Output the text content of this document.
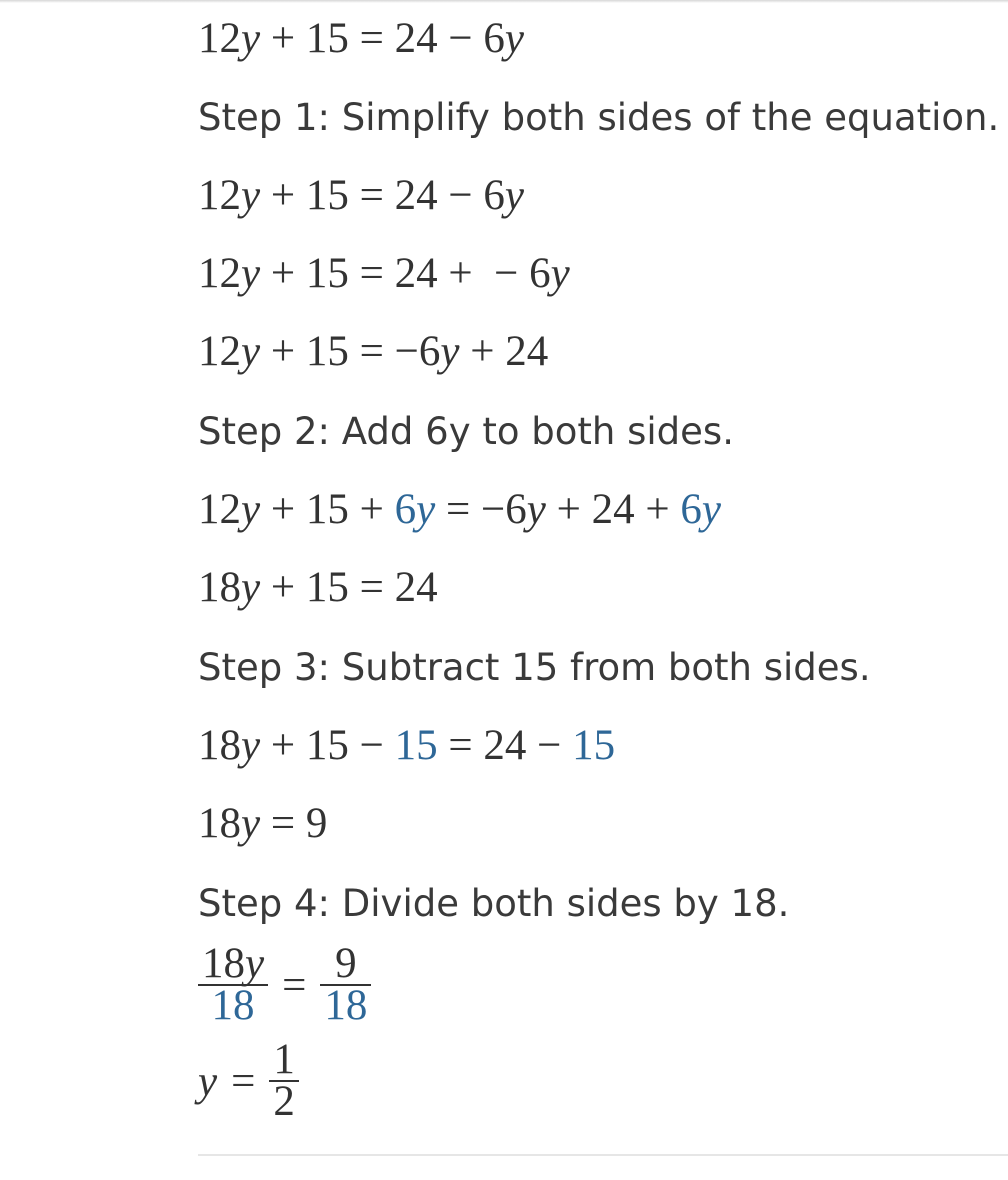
12y + 15 = 24 − 6y
Step 1: Simplify both sides of the equation.
12y + 15 = 24 − 6y
12y + 15 = 24 +  − 6y
12y + 15 = −6y + 24
Step 2: Add 6y to both sides.
12y + 15 + 6y = −6y + 24 + 6y
18y + 15 = 24
Step 3: Subtract 15 from both sides.
18y + 15 − 15 = 24 − 15
18y = 9
Step 4: Divide both sides by 18.
$\frac{18y}{18} = \frac{9}{18}$
$y = \frac{1}{2}$
